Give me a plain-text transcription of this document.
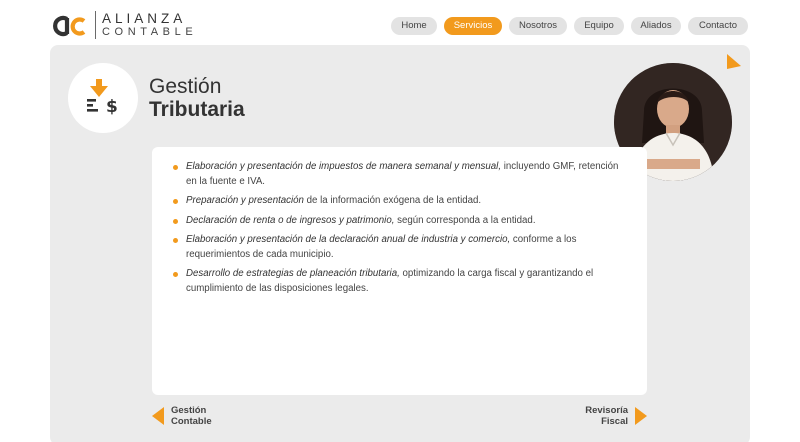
ALIANZA
CONTABLE	Home	Servicios	Nosotros	Equipo	Aliados	Contacto
$
Gestión
Tributaria
Elaboración y presentación de impuestos de manera semanal y mensual, incluyendo GMF, retención en la fuente e IVA.
Preparación y presentación de la información exógena de la entidad.
Declaración de renta o de ingresos y patrimonio, según corresponda a la entidad.
Elaboración y presentación de la declaración anual de industria y comercio, conforme a los requerimientos de cada municipio.
Desarrollo de estrategias de planeación tributaria, optimizando la carga fiscal y garantizando el cumplimiento de las disposiciones legales.
Gestión
Contable
Revisoría
Fiscal
